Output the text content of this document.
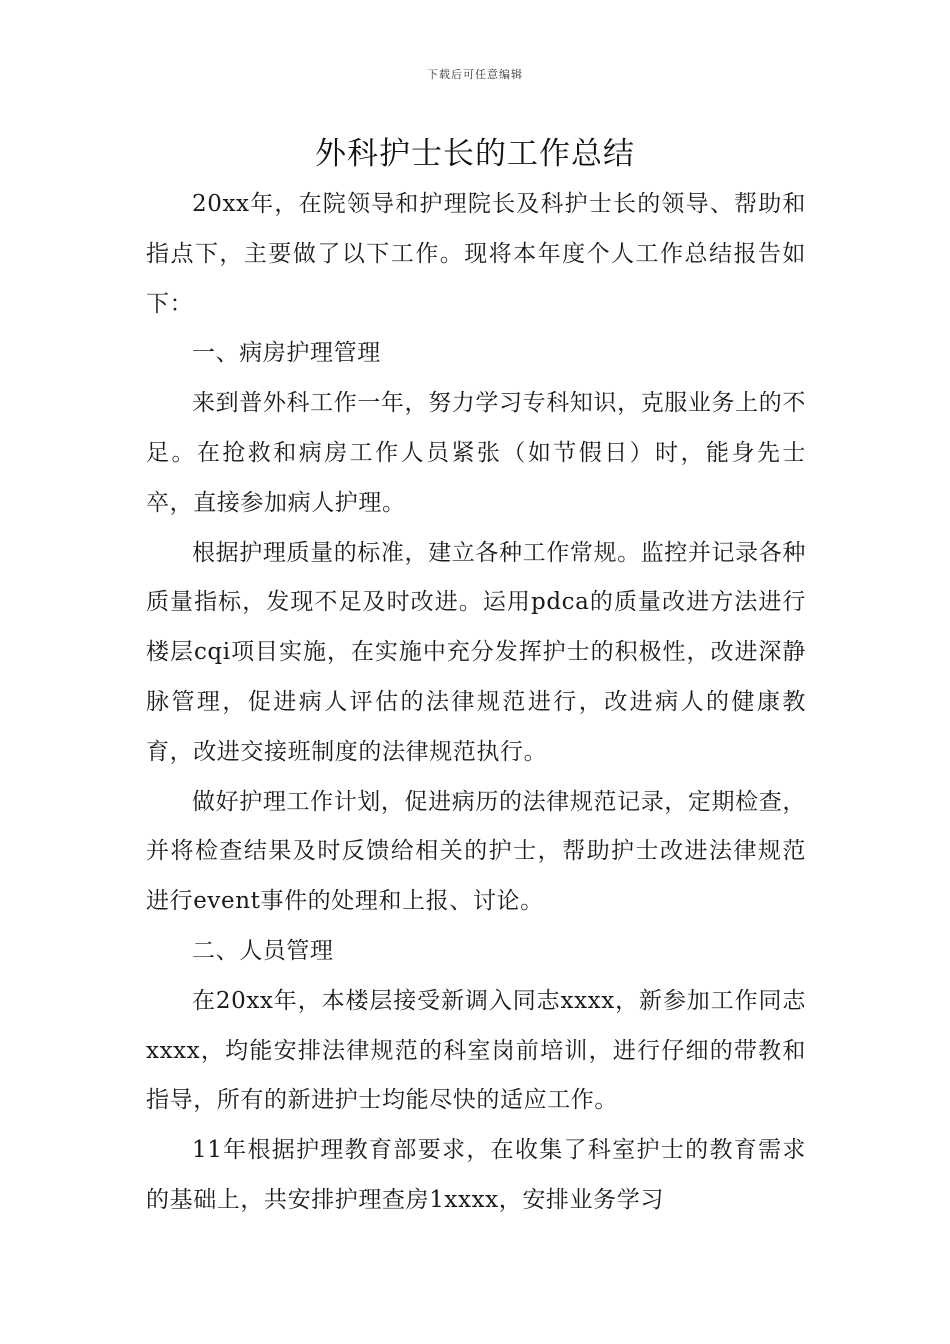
下载后可任意编辑
外科护士长的工作总结

20xx年，在院领导和护理院长及科护士长的领导、帮助和指点下，主要做了以下工作。现将本年度个人工作总结报告如下：

一、病房护理管理

来到普外科工作一年，努力学习专科知识，克服业务上的不足。在抢救和病房工作人员紧张（如节假日）时，能身先士卒，直接参加病人护理。

根据护理质量的标准，建立各种工作常规。监控并记录各种质量指标，发现不足及时改进。运用pdca的质量改进方法进行楼层cqi项目实施，在实施中充分发挥护士的积极性，改进深静脉管理，促进病人评估的法律规范进行，改进病人的健康教育，改进交接班制度的法律规范执行。

做好护理工作计划，促进病历的法律规范记录，定期检查，并将检查结果及时反馈给相关的护士，帮助护士改进法律规范进行event事件的处理和上报、讨论。

二、人员管理

在20xx年，本楼层接受新调入同志xxxx，新参加工作同志xxxx，均能安排法律规范的科室岗前培训，进行仔细的带教和指导，所有的新进护士均能尽快的适应工作。

11年根据护理教育部要求，在收集了科室护士的教育需求的基础上，共安排护理查房1xxxx，安排业务学习
